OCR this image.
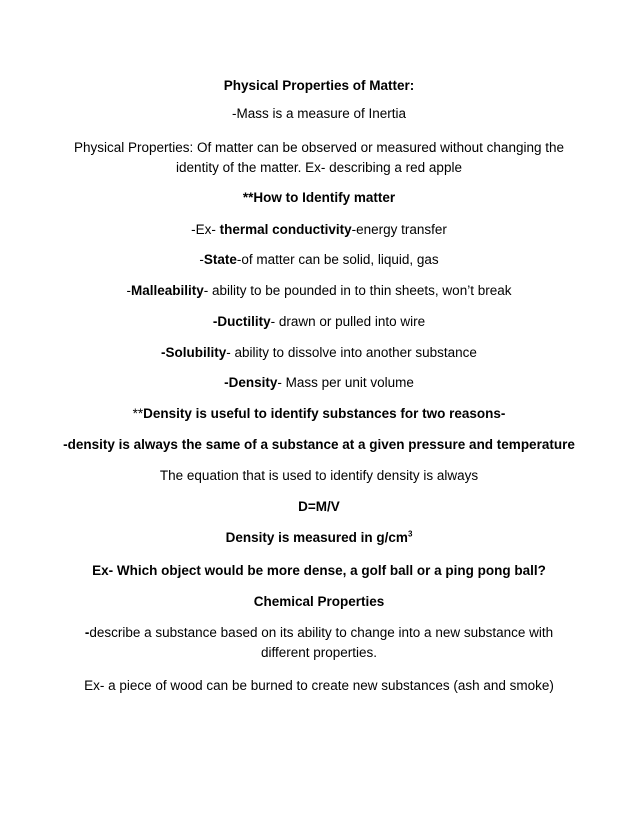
Physical Properties of Matter:
-Mass is a measure of Inertia
Physical Properties: Of matter can be observed or measured without changing the
identity of the matter. Ex- describing a red apple
**How to Identify matter
-Ex- thermal conductivity-energy transfer
-State-of matter can be solid, liquid, gas
-Malleability- ability to be pounded in to thin sheets, won’t break
-Ductility- drawn or pulled into wire
-Solubility- ability to dissolve into another substance
-Density- Mass per unit volume
**Density is useful to identify substances for two reasons-
-density is always the same of a substance at a given pressure and temperature
The equation that is used to identify density is always
D=M/V
Density is measured in $g/cm^3$
Ex- Which object would be more dense, a golf ball or a ping pong ball?
Chemical Properties
-describe a substance based on its ability to change into a new substance with
different properties.
Ex- a piece of wood can be burned to create new substances (ash and smoke)
